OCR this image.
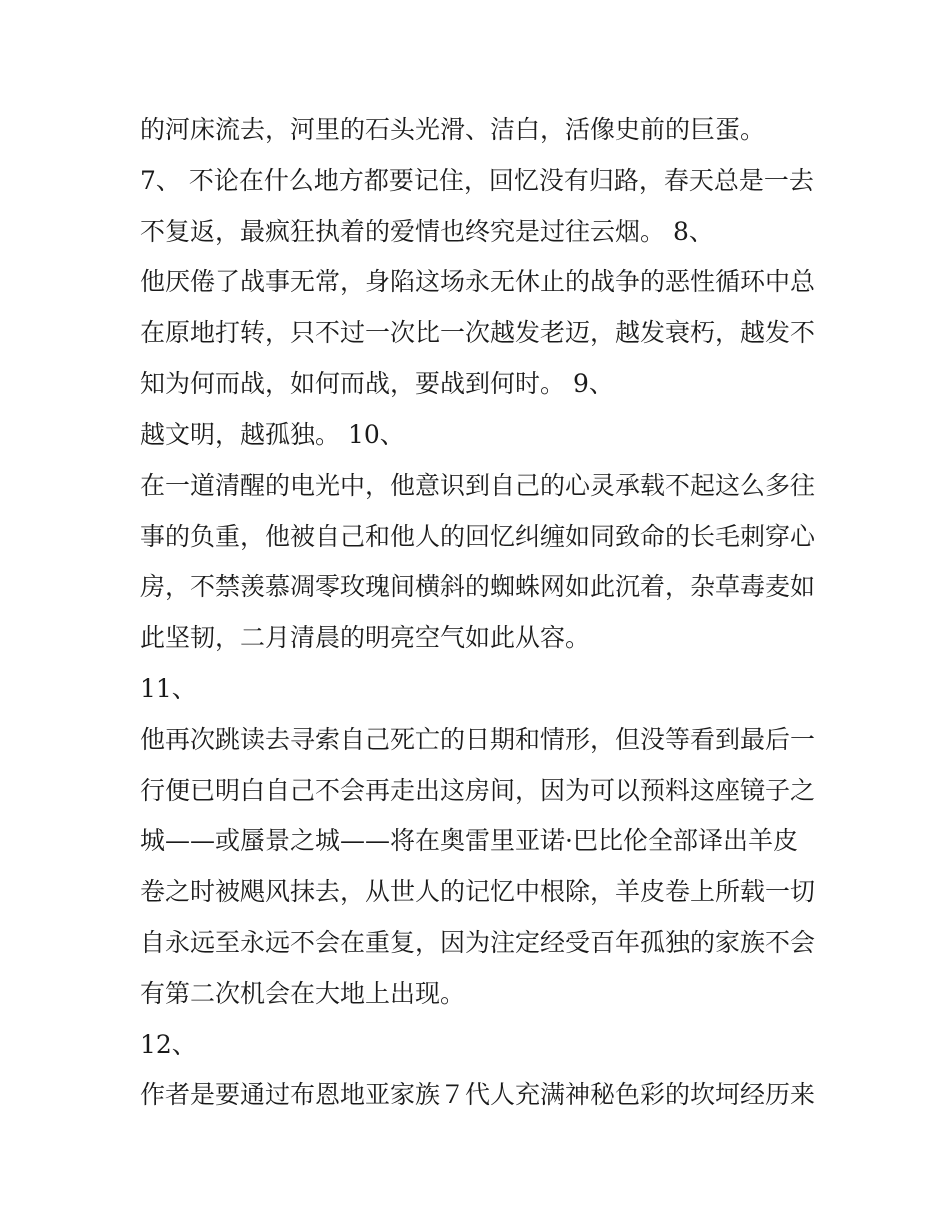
的河床流去，河里的石头光滑、洁白，活像史前的巨蛋。
7、 不论在什么地方都要记住，回忆没有归路，春天总是一去
不复返，最疯狂执着的爱情也终究是过往云烟。 8、
他厌倦了战事无常，身陷这场永无休止的战争的恶性循环中总
在原地打转，只不过一次比一次越发老迈，越发衰朽，越发不
知为何而战，如何而战，要战到何时。 9、
越文明，越孤独。 10、
在一道清醒的电光中，他意识到自己的心灵承载不起这么多往
事的负重，他被自己和他人的回忆纠缠如同致命的长毛刺穿心
房，不禁羡慕凋零玫瑰间横斜的蜘蛛网如此沉着，杂草毒麦如
此坚韧，二月清晨的明亮空气如此从容。
11、
他再次跳读去寻索自己死亡的日期和情形，但没等看到最后一
行便已明白自己不会再走出这房间，因为可以预料这座镜子之
城——或蜃景之城——将在奥雷里亚诺·巴比伦全部译出羊皮
卷之时被飓风抹去，从世人的记忆中根除，羊皮卷上所载一切
自永远至永远不会在重复，因为注定经受百年孤独的家族不会
有第二次机会在大地上出现。
12、
作者是要通过布恩地亚家族７代人充满神秘色彩的坎坷经历来
